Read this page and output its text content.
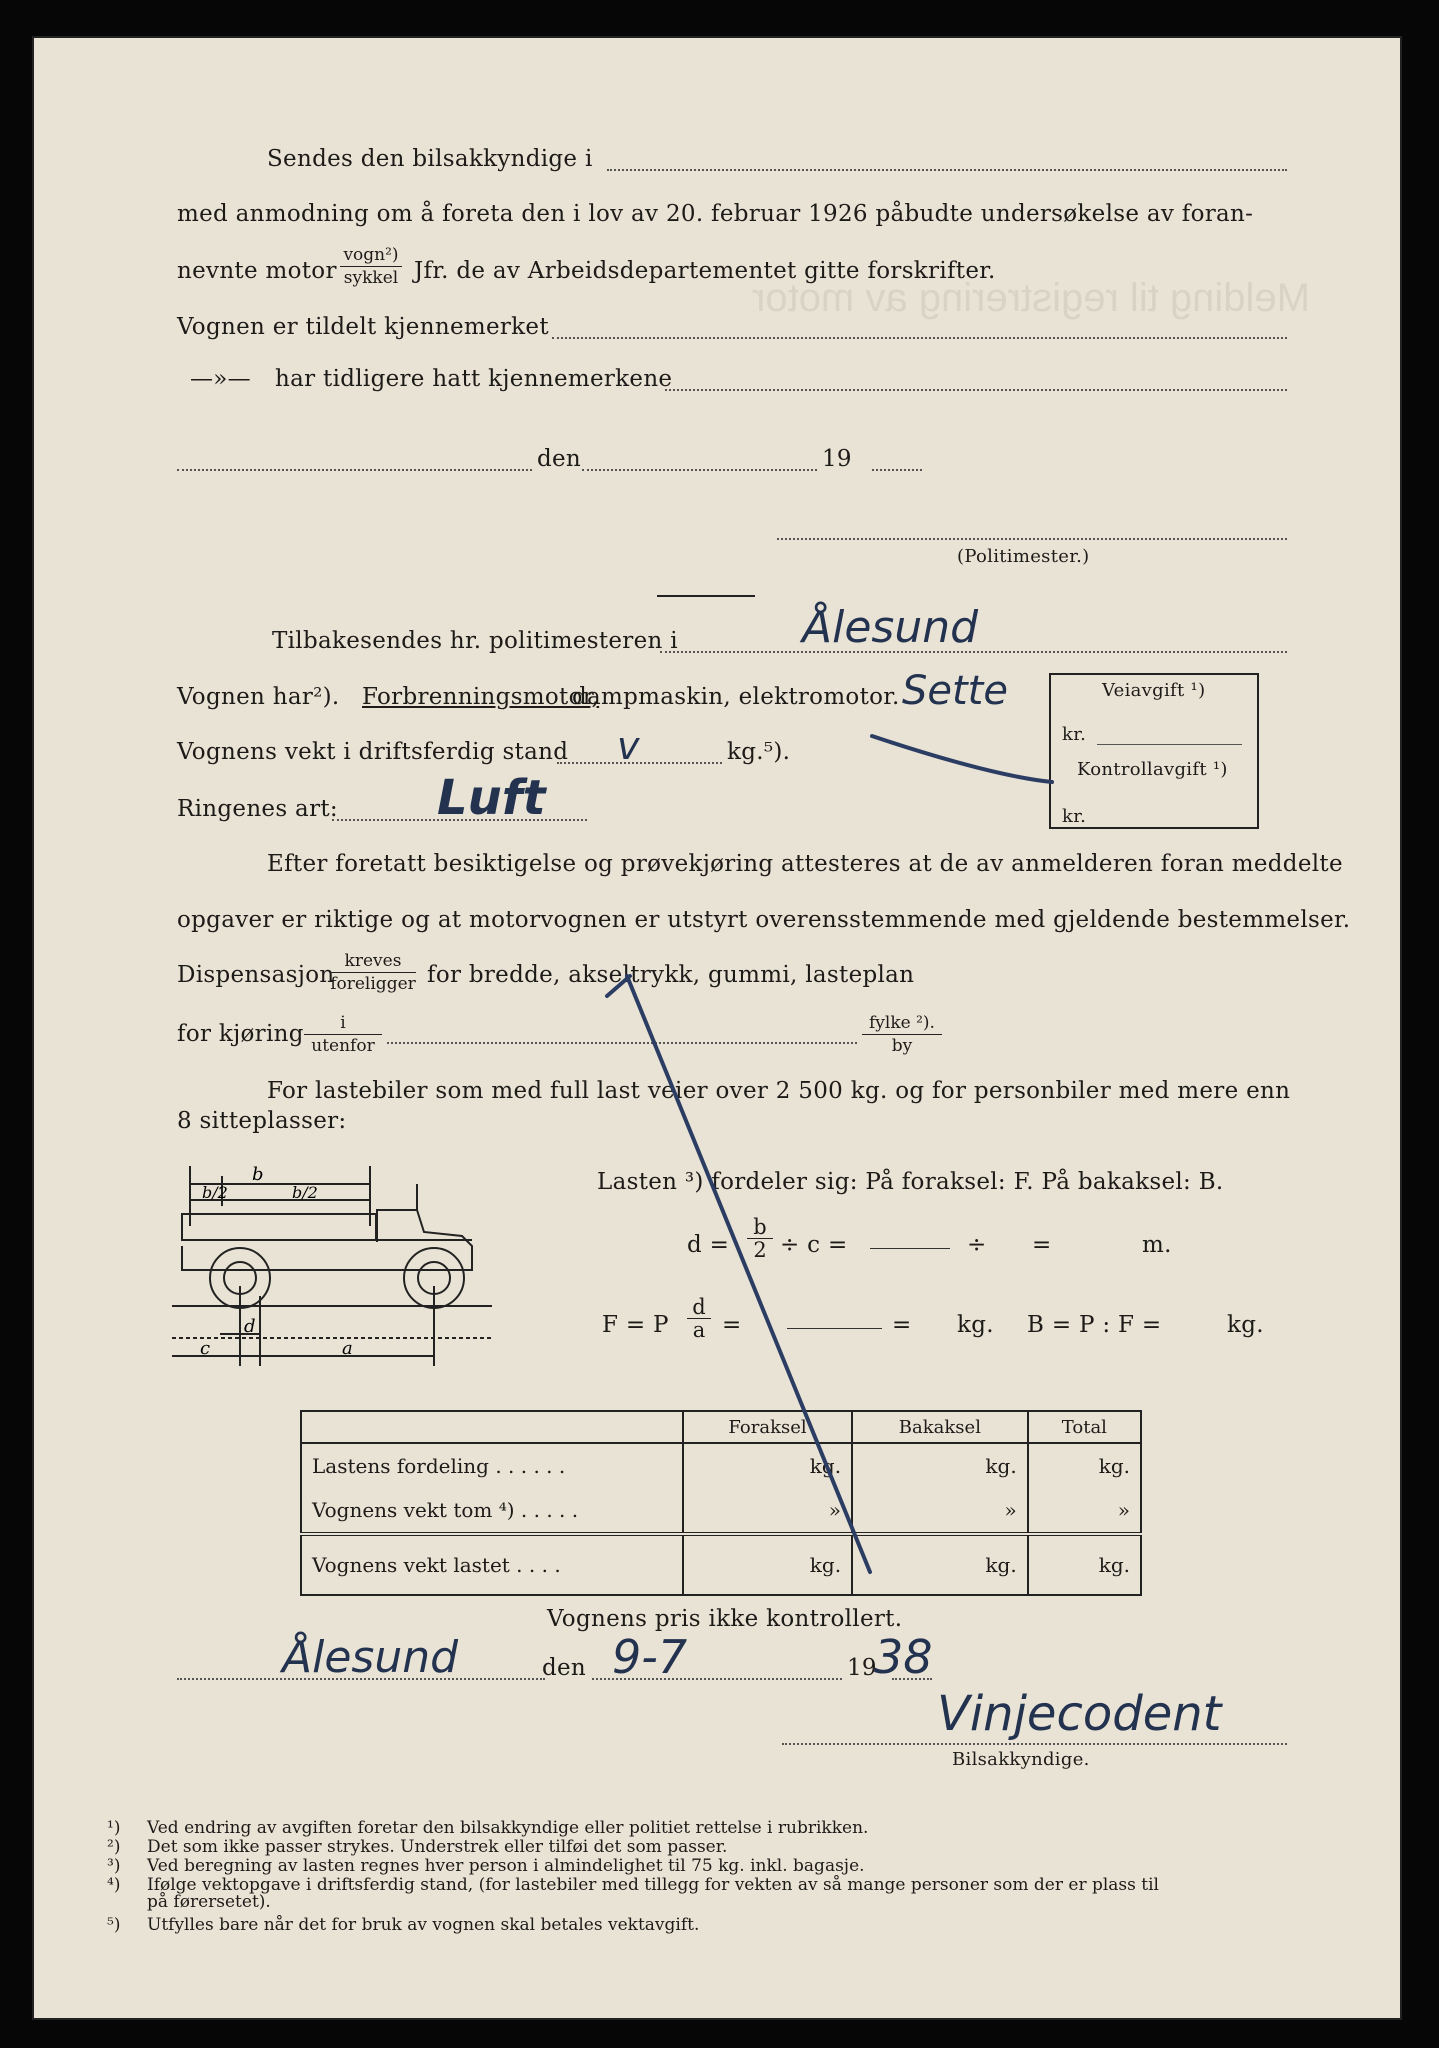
Melding til registrering av motor
Sendes den bilsakkyndige i
med anmodning om å foreta den i lov av 20. februar 1926 påbudte undersøkelse av foran-
nevnte motor
vogn²)
sykkel Jfr. de av Arbeidsdepartementet gitte forskrifter.
Vognen er tildelt kjennemerket
—»— har tidligere hatt kjennemerkene
den	19
(Politimester.)
Tilbakesendes hr. politimesteren i
Vognen har²). Forbrenningsmotor,
dampmaskin, elektromotor.
Vognens vekt i driftsferdig stand	kg.⁵).
Ringenes art:
Veiavgift ¹)
kr.
Kontrollavgift ¹)
kr.
Efter foretatt besiktigelse og prøvekjøring attesteres at de av anmelderen foran meddelte
opgaver er riktige og at motorvognen er utstyrt overensstemmende med gjeldende bestemmelser.
Dispensasjon
kreves
foreligger for bredde, akseltrykk, gummi, lasteplan
for kjøring	i
utenfor
fylke ²).
by
For lastebiler som med full last veier over 2 500 kg. og for personbiler med mere enn
8 sitteplasser:
b
b/2	b/2
c
d
a
Lasten ³) fordeler sig: På foraksel: F. På bakaksel: B.
$d = \frac{b}{2} \div c$ =	÷ =	m.
F = P $\frac{d}{a}$ =	= kg. B = P : F =	kg.
	Foraksel	Bakaksel	Total
Lastens fordeling . . . . . .	kg.	kg.	kg.
Vognens vekt tom ⁴) . . . . .	»	»	»
Vognens vekt lastet . . . .	kg.	kg.	kg.
Vognens pris ikke kontrollert.
den	19
Bilsakkyndige.
¹) Ved endring av avgiften foretar den bilsakkyndige eller politiet rettelse i rubrikken.
²) Det som ikke passer strykes. Understrek eller tilføi det som passer.
³) Ved beregning av lasten regnes hver person i almindelighet til 75 kg. inkl. bagasje.
⁴) Ifølge vektopgave i driftsferdig stand, (for lastebiler med tillegg for vekten av så mange personer som der er plass til
på førersetet).
⁵) Utfylles bare når det for bruk av vognen skal betales vektavgift.
Ålesund
Sette
v
Luft
Ålesund	9-7	38
Vinjecodent
